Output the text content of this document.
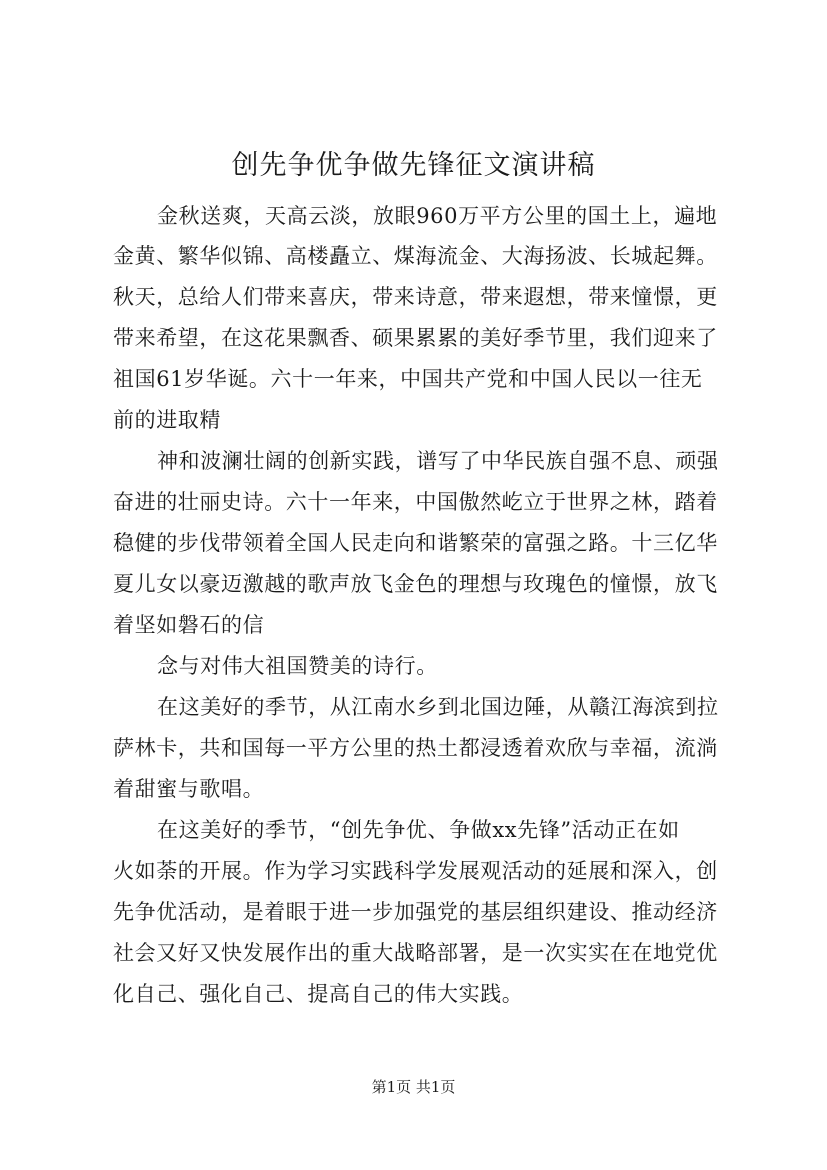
创先争优争做先锋征文演讲稿
金秋送爽，天高云淡，放眼960万平方公里的国土上，遍地
金黄、繁华似锦、高楼矗立、煤海流金、大海扬波、长城起舞。
秋天，总给人们带来喜庆，带来诗意，带来遐想，带来憧憬，更
带来希望，在这花果飘香、硕果累累的美好季节里，我们迎来了
祖国61岁华诞。六十一年来，中国共产党和中国人民以一往无
前的进取精
神和波澜壮阔的创新实践，谱写了中华民族自强不息、顽强
奋进的壮丽史诗。六十一年来，中国傲然屹立于世界之林，踏着
稳健的步伐带领着全国人民走向和谐繁荣的富强之路。十三亿华
夏儿女以豪迈激越的歌声放飞金色的理想与玫瑰色的憧憬，放飞
着坚如磐石的信
念与对伟大祖国赞美的诗行。
在这美好的季节，从江南水乡到北国边陲，从赣江海滨到拉
萨林卡，共和国每一平方公里的热土都浸透着欢欣与幸福，流淌
着甜蜜与歌唱。
在这美好的季节，“创先争优、争做xx先锋”活动正在如
火如荼的开展。作为学习实践科学发展观活动的延展和深入，创
先争优活动，是着眼于进一步加强党的基层组织建设、推动经济
社会又好又快发展作出的重大战略部署，是一次实实在在地党优
化自己、强化自己、提高自己的伟大实践。
第1页 共1页
